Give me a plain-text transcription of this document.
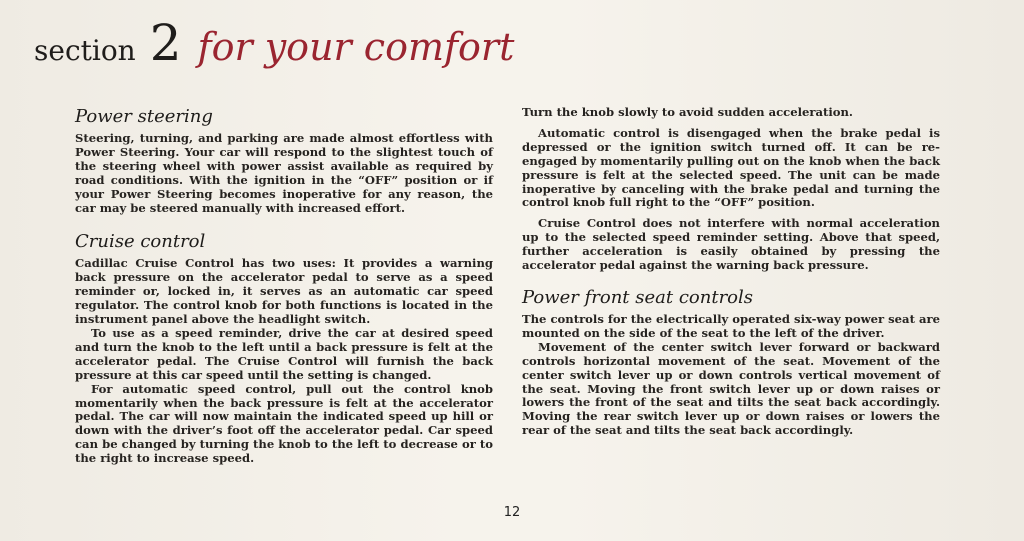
section 2 for your comfort
Power steering

Steering, turning, and parking are made almost effortless with Power Steering. Your car will respond to the slightest touch of the steering wheel with power assist available as required by road conditions. With the ignition in the “OFF” position or if your Power Steering becomes inoperative for any reason, the car may be steered manually with increased effort.

Cruise control

Cadillac Cruise Control has two uses: It provides a warning back pressure on the accelerator pedal to serve as a speed reminder or, locked in, it serves as an automatic car speed regulator. The control knob for both functions is located in the instrument panel above the headlight switch.

To use as a speed reminder, drive the car at desired speed and turn the knob to the left until a back pressure is felt at the accelerator pedal. The Cruise Control will furnish the back pressure at this car speed until the setting is changed.

For automatic speed control, pull out the control knob momentarily when the back pressure is felt at the accelerator pedal. The car will now maintain the indicated speed up hill or down with the driver’s foot off the accelerator pedal. Car speed can be changed by turning the knob to the left to decrease or to the right to increase speed.

Turn the knob slowly to avoid sudden acceleration.

Automatic control is disengaged when the brake pedal is depressed or the ignition switch turned off. It can be re-engaged by momentarily pulling out on the knob when the back pressure is felt at the selected speed. The unit can be made inoperative by canceling with the brake pedal and turning the control knob full right to the “OFF” position.

Cruise Control does not interfere with normal acceleration up to the selected speed reminder setting. Above that speed, further acceleration is easily obtained by pressing the accelerator pedal against the warning back pressure.

Power front seat controls

The controls for the electrically operated six-way power seat are mounted on the side of the seat to the left of the driver.

Movement of the center switch lever forward or backward controls horizontal movement of the seat. Movement of the center switch lever up or down controls vertical movement of the seat. Moving the front switch lever up or down raises or lowers the front of the seat and tilts the seat back accordingly. Moving the rear switch lever up or down raises or lowers the rear of the seat and tilts the seat back accordingly.

12
